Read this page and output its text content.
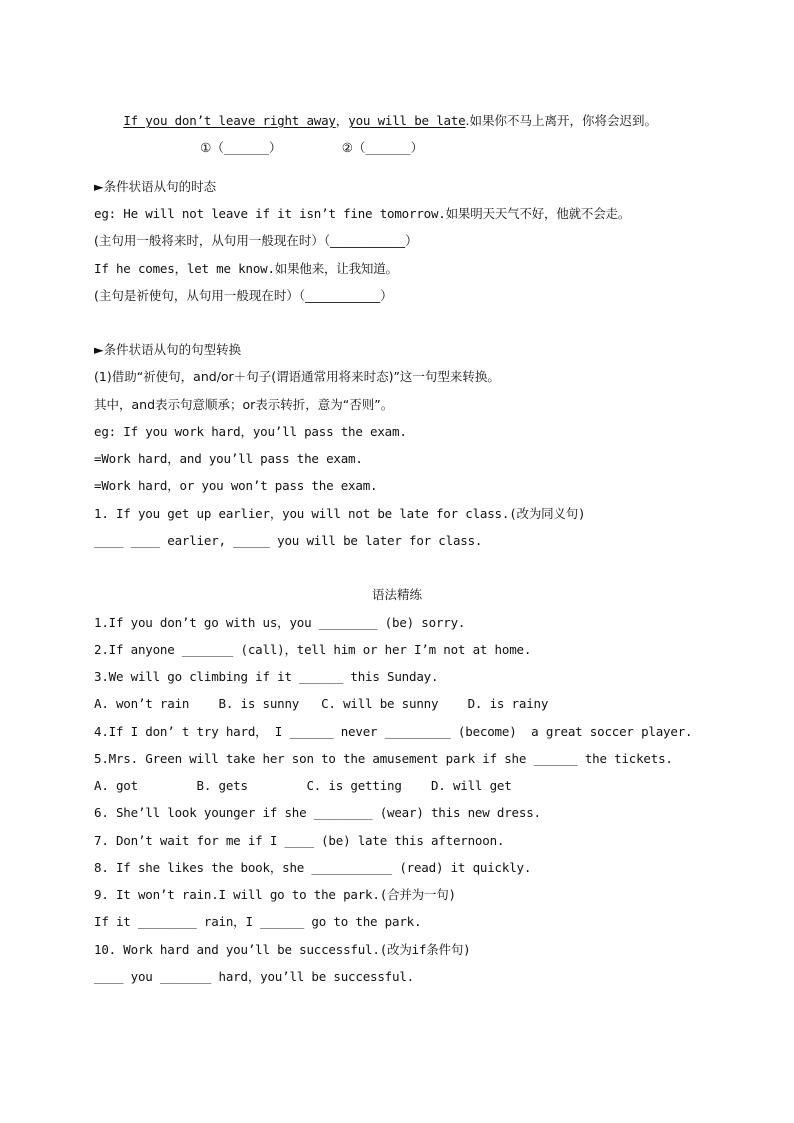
If you don’t leave right away，you will be late.如果你不马上离开，你将会迟到。

①（______）	②（______）

►条件状语从句的时态
eg: He will not leave if it isn’t fine tomorrow.如果明天天气不好，他就不会走。
(主句用一般将来时，从句用一般现在时）（____________）
If he comes，let me know.如果他来，让我知道。
(主句是祈使句，从句用一般现在时）（____________）
►条件状语从句的句型转换
(1)借助“祈使句，and/or＋句子(谓语通常用将来时态)”这一句型来转换。
其中，and表示句意顺承；or表示转折，意为“否则”。
eg: If you work hard，you’ll pass the exam.
=Work hard，and you’ll pass the exam.
=Work hard，or you won’t pass the exam.
1. If you get up earlier，you will not be late for class.(改为同义句)
____ ____ earlier, _____ you will be later for class.
语法精练
1.If you don’t go with us，you ________ (be) sorry.
2.If anyone _______ (call)，tell him or her I’m not at home.
3.We will go climbing if it ______ this Sunday.
A. won’t rain    B. is sunny   C. will be sunny    D. is rainy
4.If I don’ t try hard， I ______ never _________ (become)  a great soccer player.
5.Mrs. Green will take her son to the amusement park if she ______ the tickets.
A. got        B. gets        C. is getting    D. will get
6. She’ll look younger if she ________ (wear) this new dress.
7. Don’t wait for me if I ____ (be) late this afternoon.
8. If she likes the book，she ___________ (read) it quickly.
9. It won’t rain.I will go to the park.(合并为一句)
If it ________ rain，I ______ go to the park.
10. Work hard and you’ll be successful.(改为if条件句)
____ you _______ hard，you’ll be successful.
